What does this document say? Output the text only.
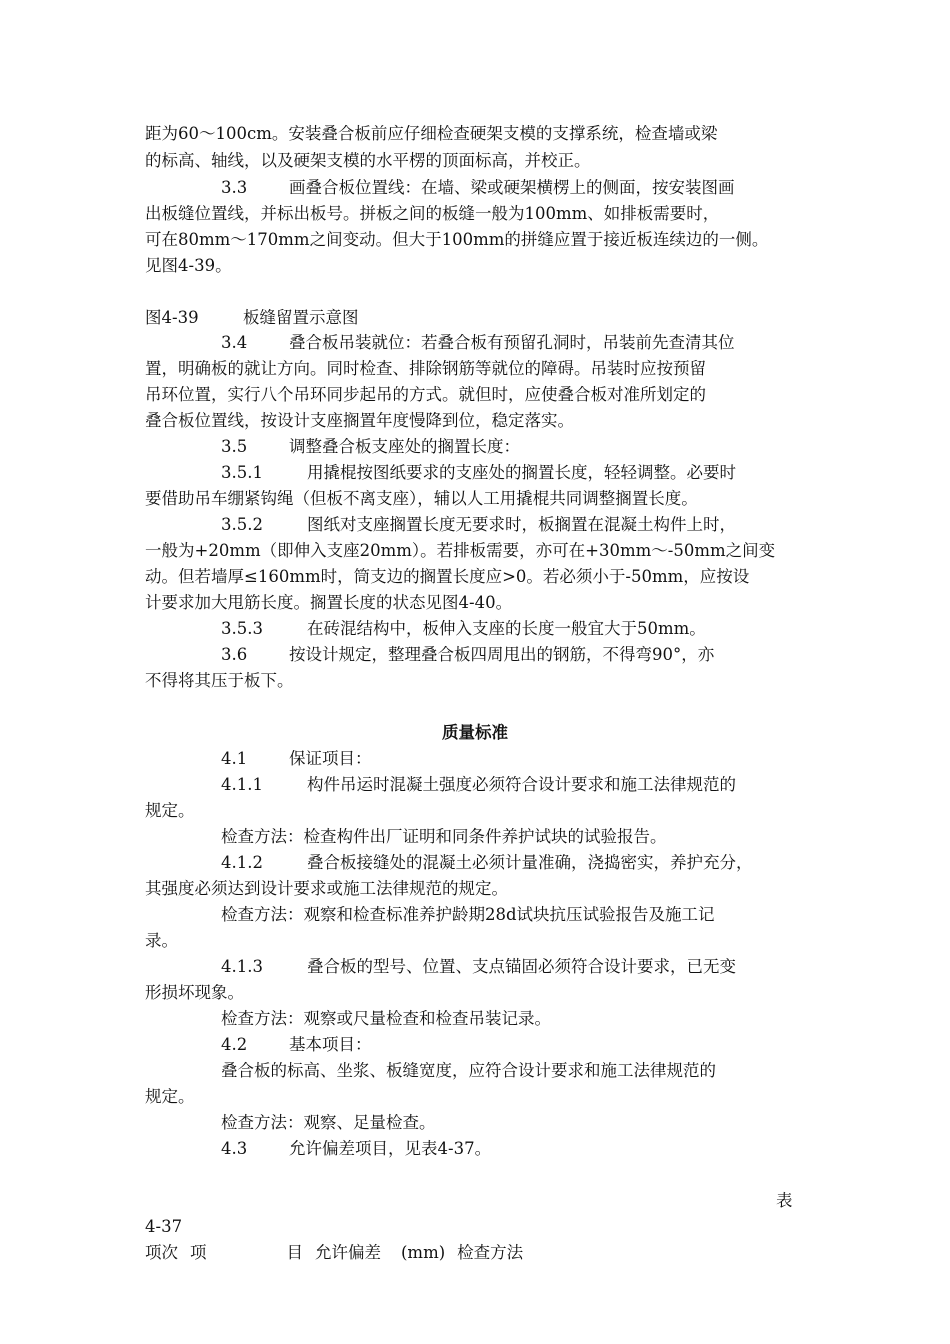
距为60～100cm。安装叠合板前应仔细检查硬架支模的支撑系统，检查墙或梁
的标高、轴线，以及硬架支模的水平楞的顶面标高，并校正。
3.3	画叠合板位置线：在墙、梁或硬架横楞上的侧面，按安装图画
出板缝位置线，并标出板号。拼板之间的板缝一般为100mm、如排板需要时，
可在80mm～170mm之间变动。但大于100mm的拼缝应置于接近板连续边的一侧。
见图4-39。
图4-39	板缝留置示意图
3.4	叠合板吊装就位：若叠合板有预留孔洞时，吊装前先查清其位
置，明确板的就让方向。同时检查、排除钢筋等就位的障碍。吊装时应按预留
吊环位置，实行八个吊环同步起吊的方式。就但时，应使叠合板对准所划定的
叠合板位置线，按设计支座搁置年度慢降到位，稳定落实。
3.5	调整叠合板支座处的搁置长度：
3.5.1	用撬棍按图纸要求的支座处的搁置长度，轻轻调整。必要时
要借助吊车绷紧钩绳（但板不离支座），辅以人工用撬棍共同调整搁置长度。
3.5.2	图纸对支座搁置长度无要求时，板搁置在混凝土构件上时，
一般为+20mm（即伸入支座20mm）。若排板需要，亦可在+30mm～-50mm之间变
动。但若墙厚≤160mm时，筒支边的搁置长度应>0。若必须小于-50mm，应按设
计要求加大甩筋长度。搁置长度的状态见图4-40。
3.5.3	在砖混结构中，板伸入支座的长度一般宜大于50mm。
3.6	按设计规定，整理叠合板四周甩出的钢筋，不得弯90°，亦
不得将其压于板下。
质量标准
4.1	保证项目：
4.1.1	构件吊运时混凝土强度必须符合设计要求和施工法律规范的
规定。
检查方法：检查构件出厂证明和同条件养护试块的试验报告。
4.1.2	叠合板接缝处的混凝土必须计量准确，浇捣密实，养护充分，
其强度必须达到设计要求或施工法律规范的规定。
检查方法：观察和检查标准养护龄期28d试块抗压试验报告及施工记
录。
4.1.3	叠合板的型号、位置、支点锚固必须符合设计要求，已无变
形损坏现象。
检查方法：观察或尺量检查和检查吊装记录。
4.2	基本项目：
叠合板的标高、坐浆、板缝宽度，应符合设计要求和施工法律规范的
规定。
检查方法：观察、足量检查。
4.3	允许偏差项目，见表4-37。
表
4-37
项次 项	目 允许偏差 (mm) 检查方法
